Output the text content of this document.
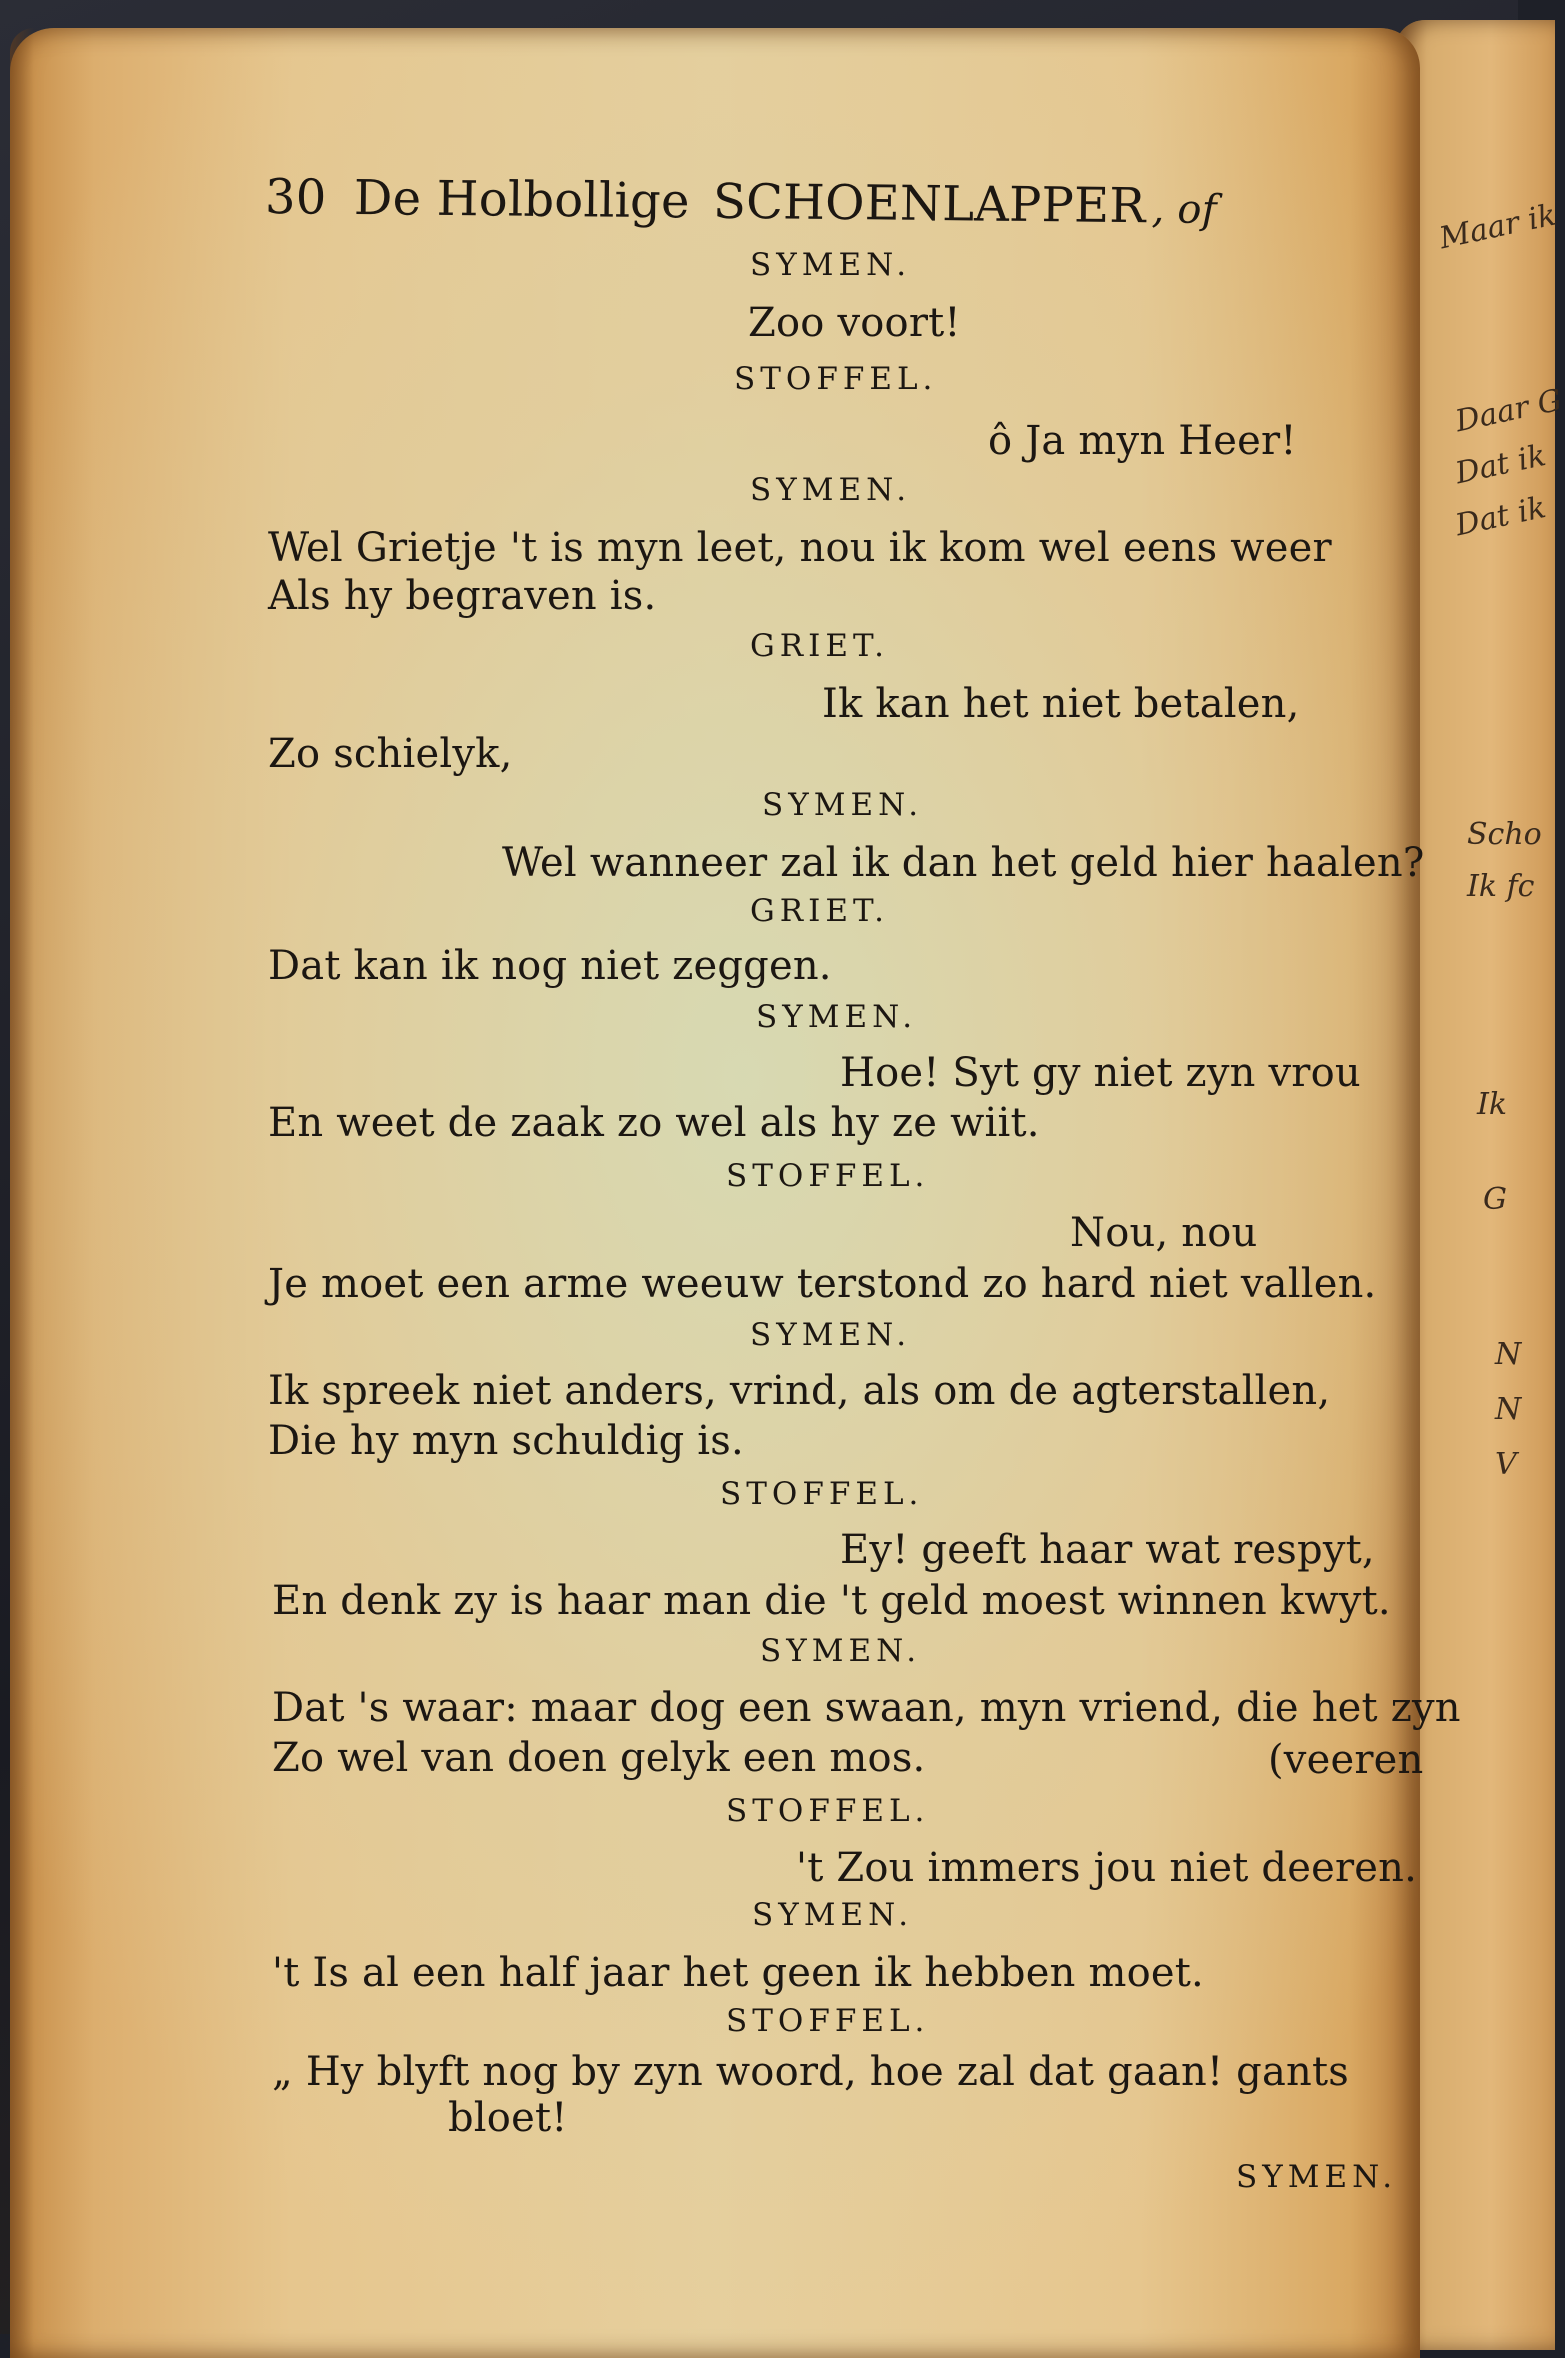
Maar ik
Daar G
Dat ik
Dat ik
Scho
Ik fc
Ik
G
N
N
V
30 De Holbollige SCHOENLAPPER , of
SYMEN.
Zoo voort!
STOFFEL.
ô Ja myn Heer!
SYMEN.
Wel Grietje 't is myn leet, nou ik kom wel eens weer
Als hy begraven is.
GRIET.
Ik kan het niet betalen,
Zo schielyk,
SYMEN.
Wel wanneer zal ik dan het geld hier haalen?
GRIET.
Dat kan ik nog niet zeggen.
SYMEN.
Hoe! Syt gy niet zyn vrou
En weet de zaak zo wel als hy ze wiit.
STOFFEL.
Nou, nou
Je moet een arme weeuw terstond zo hard niet vallen.
SYMEN.
Ik spreek niet anders, vrind, als om de agterstallen,
Die hy myn schuldig is.
STOFFEL.
Ey! geeft haar wat respyt,
En denk zy is haar man die 't geld moest winnen kwyt.
SYMEN.
Dat 's waar: maar dog een swaan, myn vriend, die het zyn
Zo wel van doen gelyk een mos.	(veeren
STOFFEL.
't Zou immers jou niet deeren.
SYMEN.
't Is al een half jaar het geen ik hebben moet.
STOFFEL.
„ Hy blyft nog by zyn woord, hoe zal dat gaan! gants
bloet!
SYMEN.
